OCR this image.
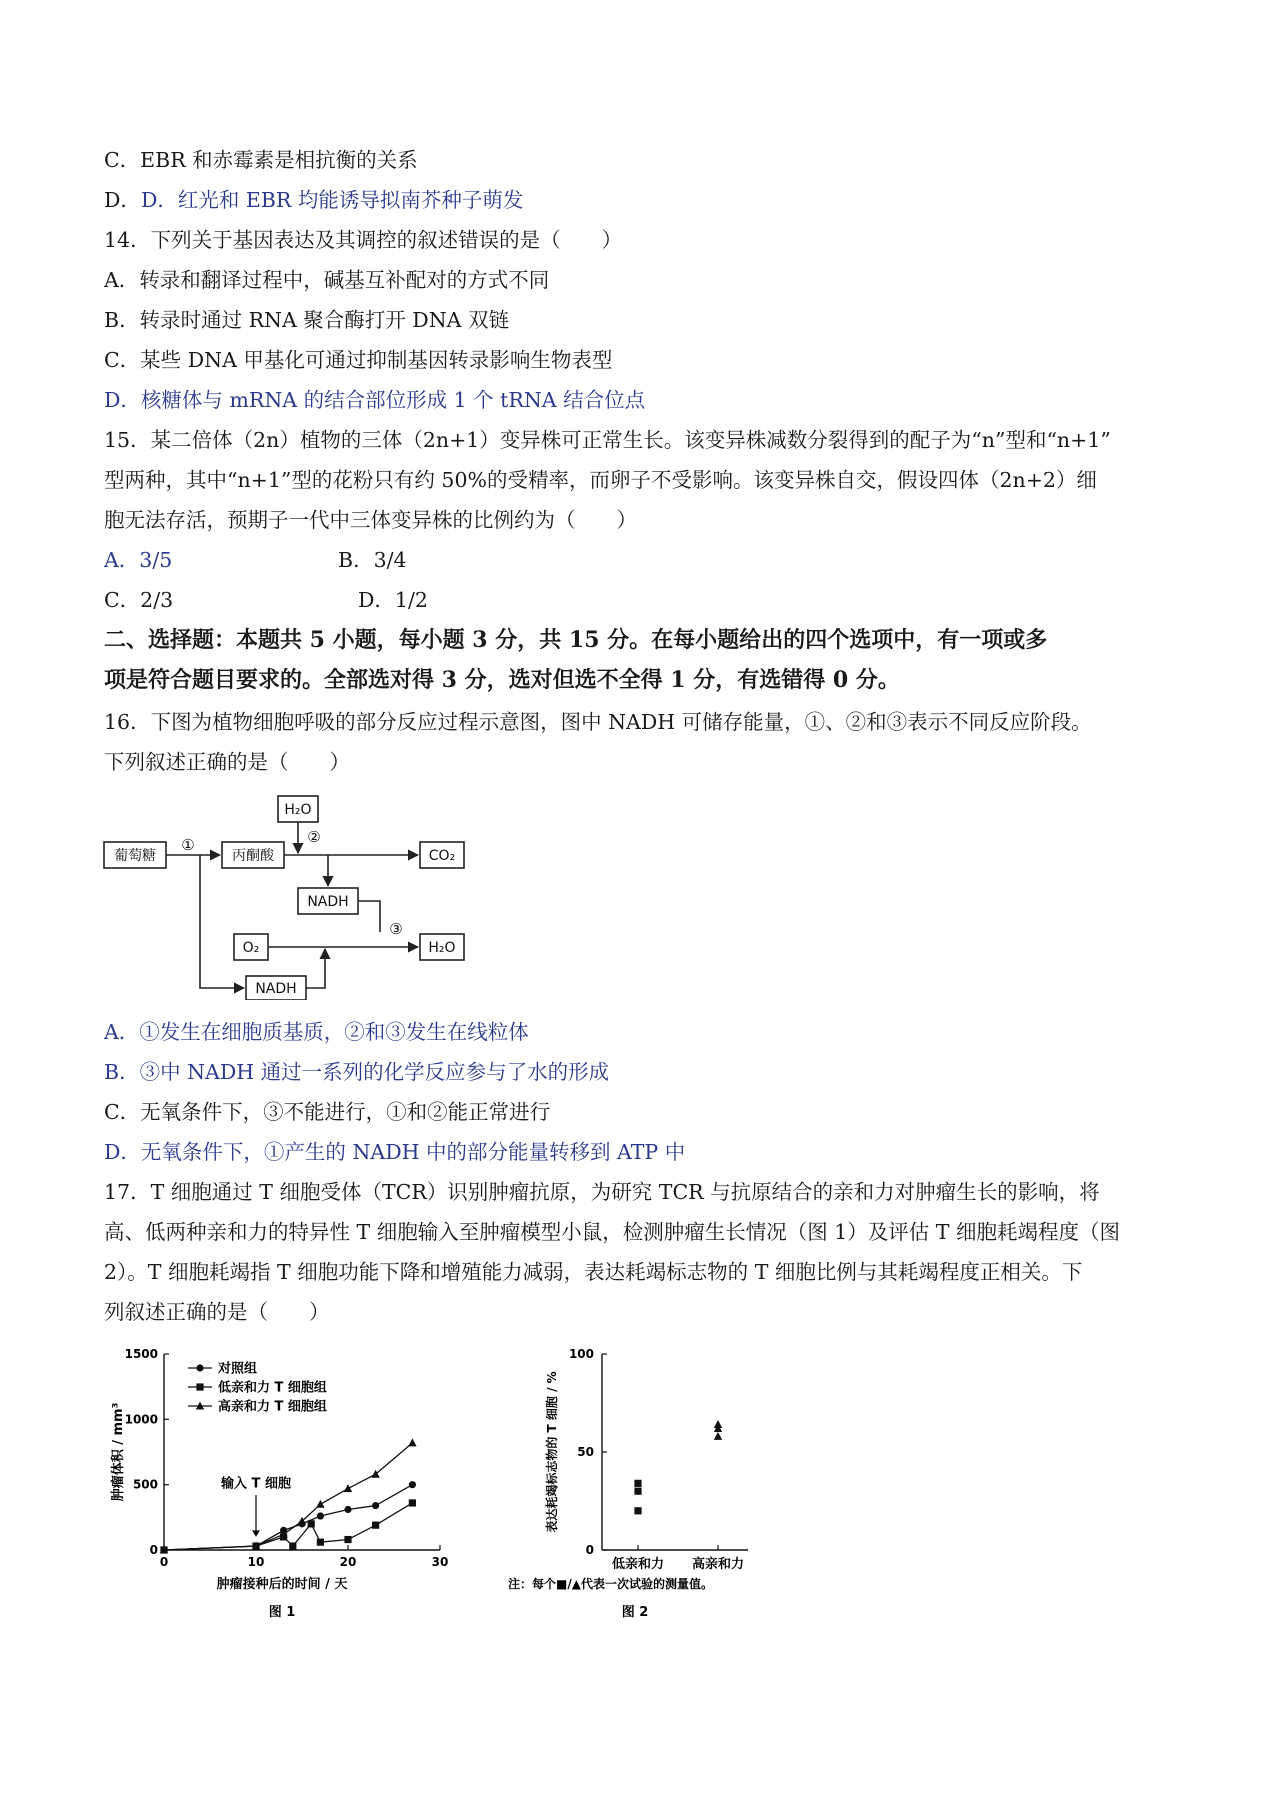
C．EBR 和赤霉素是相抗衡的关系
D．D．红光和 EBR 均能诱导拟南芥种子萌发
14．下列关于基因表达及其调控的叙述错误的是（　　）
A．转录和翻译过程中，碱基互补配对的方式不同
B．转录时通过 RNA 聚合酶打开 DNA 双链
C．某些 DNA 甲基化可通过抑制基因转录影响生物表型
D．核糖体与 mRNA 的结合部位形成 1 个 tRNA 结合位点
15．某二倍体（2n）植物的三体（2n+1）变异株可正常生长。该变异株减数分裂得到的配子为“n”型和“n+1”
型两种，其中“n+1”型的花粉只有约 50%的受精率，而卵子不受影响。该变异株自交，假设四体（2n+2）细
胞无法存活，预期子一代中三体变异株的比例约为（　　）
A．3/5	B．3/4
C．2/3	D．1/2
二、选择题：本题共 5 小题，每小题 3 分，共 15 分。在每小题给出的四个选项中，有一项或多
项是符合题目要求的。全部选对得 3 分，选对但选不全得 1 分，有选错得 0 分。
16．下图为植物细胞呼吸的部分反应过程示意图，图中 NADH 可储存能量，①、②和③表示不同反应阶段。
下列叙述正确的是（　　）
葡萄糖	丙酮酸
H₂O
CO₂
NADH
O₂	H₂O
NADH
①	②
③
A．①发生在细胞质基质，②和③发生在线粒体
B．③中 NADH 通过一系列的化学反应参与了水的形成
C．无氧条件下，③不能进行，①和②能正常进行
D．无氧条件下，①产生的 NADH 中的部分能量转移到 ATP 中
17．T 细胞通过 T 细胞受体（TCR）识别肿瘤抗原，为研究 TCR 与抗原结合的亲和力对肿瘤生长的影响，将
高、低两种亲和力的特异性 T 细胞输入至肿瘤模型小鼠，检测肿瘤生长情况（图 1）及评估 T 细胞耗竭程度（图
2）。T 细胞耗竭指 T 细胞功能下降和增殖能力减弱，表达耗竭标志物的 T 细胞比例与其耗竭程度正相关。下
列叙述正确的是（　　）
0
500
1000
1500
0	10	20	30
肿瘤接种后的时间 / 天
肿瘤体积 / mm³
图 1
输入 T 细胞
对照组
低亲和力 T 细胞组
高亲和力 T 细胞组
0
50
100
低亲和力 高亲和力
表达耗竭标志物的 T 细胞 / %
注：每个■/▲代表一次试验的测量值。
图 2
